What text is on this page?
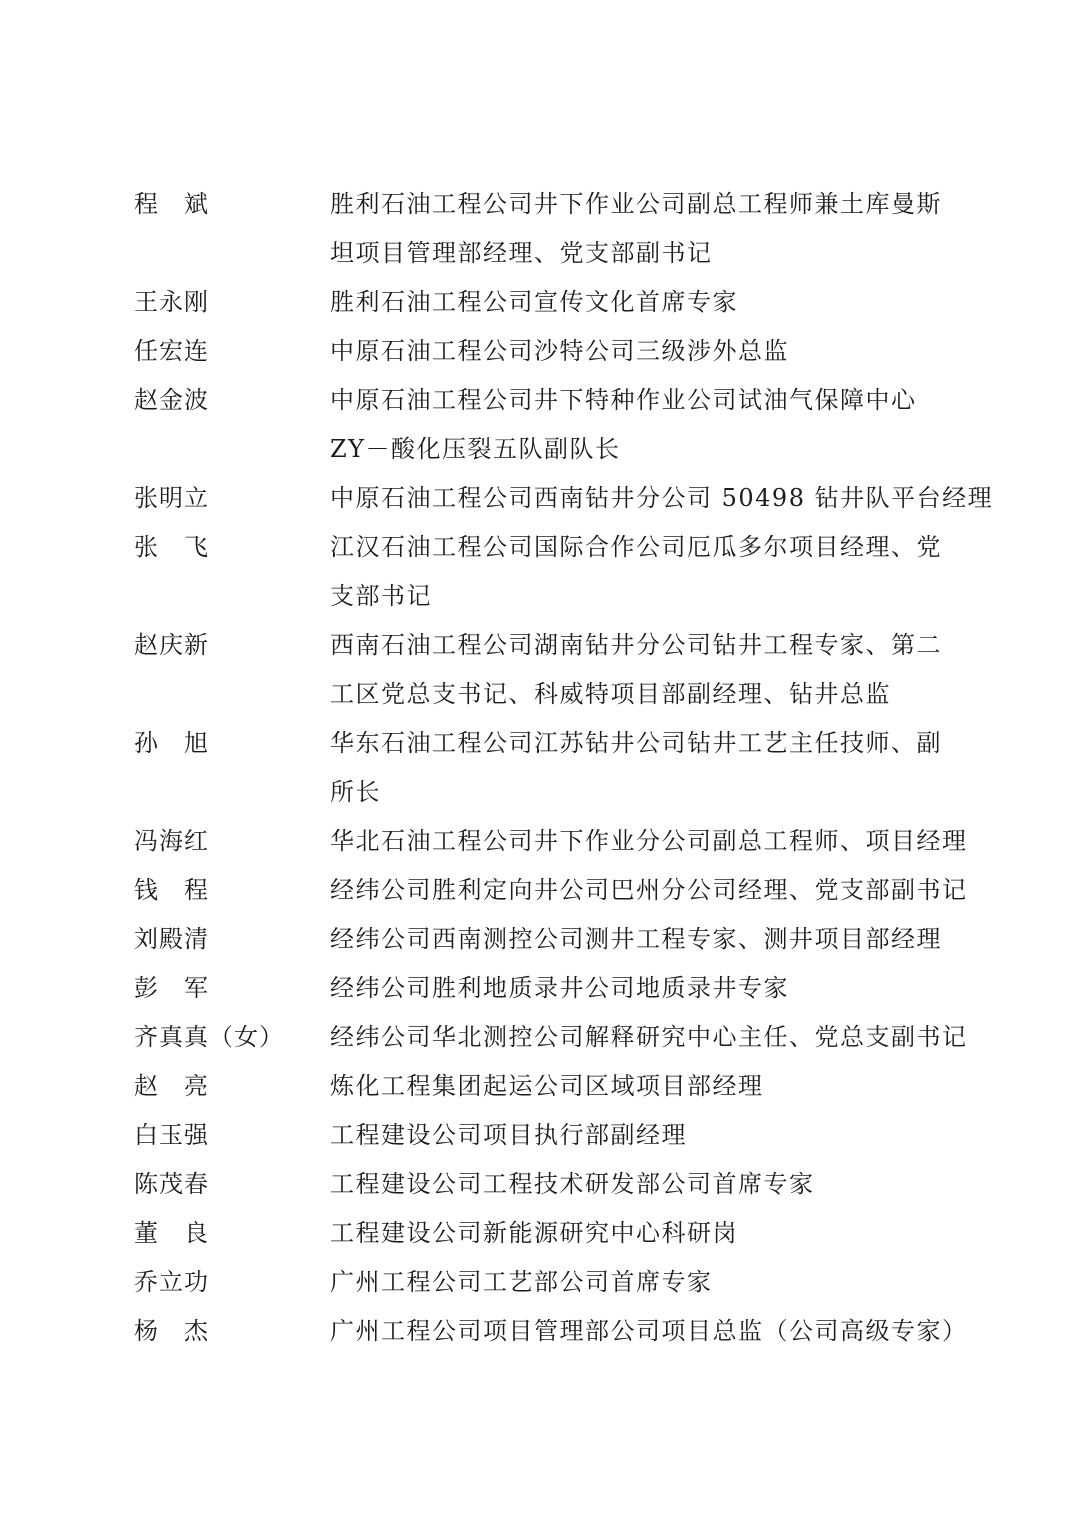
程　斌	胜利石油工程公司井下作业公司副总工程师兼土库曼斯
坦项目管理部经理、党支部副书记
王永刚	胜利石油工程公司宣传文化首席专家
任宏连	中原石油工程公司沙特公司三级涉外总监
赵金波	中原石油工程公司井下特种作业公司试油气保障中心
ZY－酸化压裂五队副队长
张明立	中原石油工程公司西南钻井分公司 50498 钻井队平台经理
张　飞	江汉石油工程公司国际合作公司厄瓜多尔项目经理、党
支部书记
赵庆新	西南石油工程公司湖南钻井分公司钻井工程专家、第二
工区党总支书记、科威特项目部副经理、钻井总监
孙　旭	华东石油工程公司江苏钻井公司钻井工艺主任技师、副
所长
冯海红	华北石油工程公司井下作业分公司副总工程师、项目经理
钱　程	经纬公司胜利定向井公司巴州分公司经理、党支部副书记
刘殿清	经纬公司西南测控公司测井工程专家、测井项目部经理
彭　军	经纬公司胜利地质录井公司地质录井专家
齐真真（女）	经纬公司华北测控公司解释研究中心主任、党总支副书记
赵　亮	炼化工程集团起运公司区域项目部经理
白玉强	工程建设公司项目执行部副经理
陈茂春	工程建设公司工程技术研发部公司首席专家
董　良	工程建设公司新能源研究中心科研岗
乔立功	广州工程公司工艺部公司首席专家
杨　杰	广州工程公司项目管理部公司项目总监（公司高级专家）
